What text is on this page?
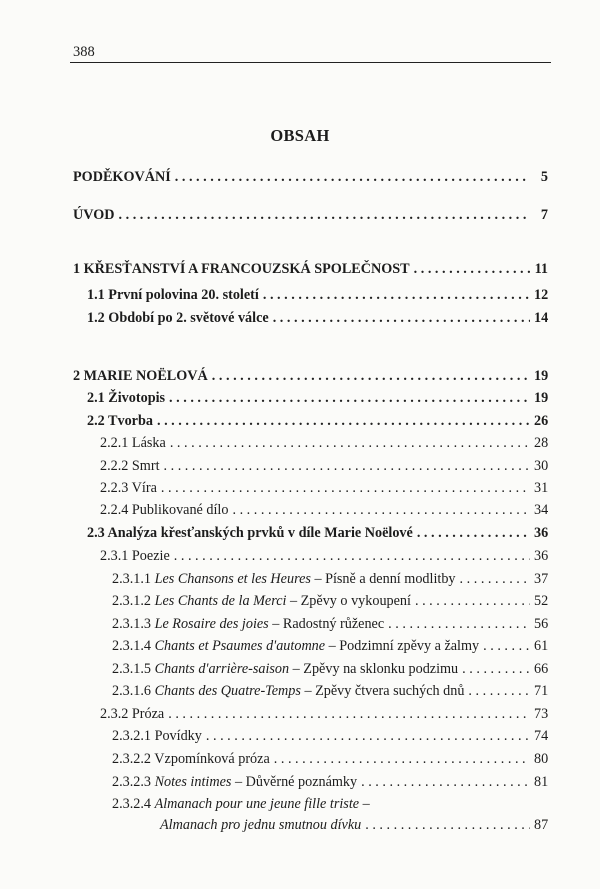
388
OBSAH
PODĚKOVÁNÍ . . .	5
ÚVOD . . .	7
1 KŘESŤANSTVÍ A FRANCOUZSKÁ SPOLEČNOST . . .	11
1.1 První polovina 20. století . . .	12
1.2 Období po 2. světové válce . . .	14
2 MARIE NOËLOVÁ . . .	19
2.1 Životopis . . .	19
2.2 Tvorba . . .	26
2.2.1 Láska . . .	28
2.2.2 Smrt . . .	30
2.2.3 Víra . . .	31
2.2.4 Publikované dílo . . .	34
2.3 Analýza křesťanských prvků v díle Marie Noëlové . . .	36
2.3.1 Poezie . . .	36
2.3.1.1 Les Chansons et les Heures – Písně a denní modlitby . . .	37
2.3.1.2 Les Chants de la Merci – Zpěvy o vykoupení . . .	52
2.3.1.3 Le Rosaire des joies – Radostný růženec . . .	56
2.3.1.4 Chants et Psaumes d'automne – Podzimní zpěvy a žalmy . . .	61
2.3.1.5 Chants d'arrière-saison – Zpěvy na sklonku podzimu . . .	66
2.3.1.6 Chants des Quatre-Temps – Zpěvy čtvera suchých dnů . . .	71
2.3.2 Próza . . .	73
2.3.2.1 Povídky . . .	74
2.3.2.2 Vzpomínková próza . . .	80
2.3.2.3 Notes intimes – Důvěrné poznámky . . .	81
2.3.2.4 Almanach pour une jeune fille triste –
Almanach pro jednu smutnou dívku . . .	87
